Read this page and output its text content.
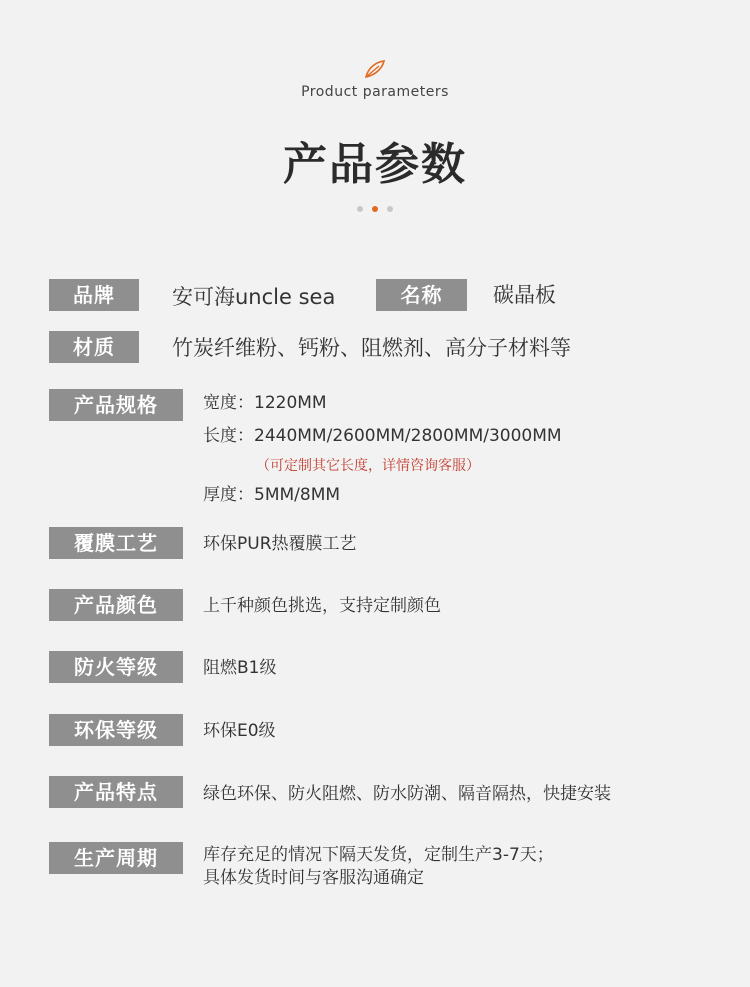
Product parameters
产品参数
品牌	安可海uncle sea	名称	碳晶板
材质	竹炭纤维粉、钙粉、阻燃剂、高分子材料等
产品规格	宽度：1220MM
长度：2440MM/2600MM/2800MM/3000MM
（可定制其它长度，详情咨询客服）
厚度：5MM/8MM
覆膜工艺	环保PUR热覆膜工艺
产品颜色	上千种颜色挑选，支持定制颜色
防火等级	阻燃B1级
环保等级	环保E0级
产品特点	绿色环保、防火阻燃、防水防潮、隔音隔热，快捷安装
生产周期	库存充足的情况下隔天发货，定制生产3-7天；
具体发货时间与客服沟通确定
